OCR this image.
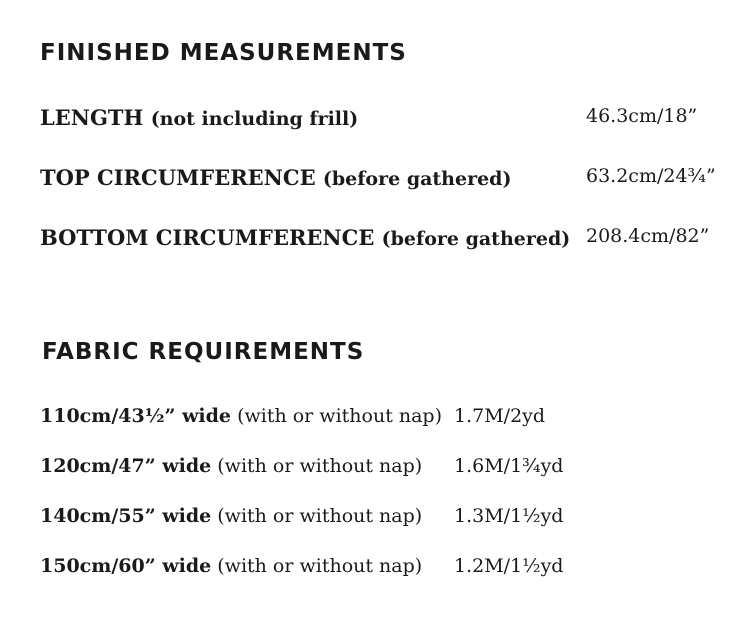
FINISHED MEASUREMENTS
LENGTH (not including frill)	46.3cm/18”
TOP CIRCUMFERENCE (before gathered)	63.2cm/24¾”
BOTTOM CIRCUMFERENCE (before gathered) 208.4cm/82”
FABRIC REQUIREMENTS
110cm/43½” wide (with or without nap) 1.7M/2yd
120cm/47” wide (with or without nap) 1.6M/1¾yd
140cm/55” wide (with or without nap) 1.3M/1½yd
150cm/60” wide (with or without nap) 1.2M/1½yd
